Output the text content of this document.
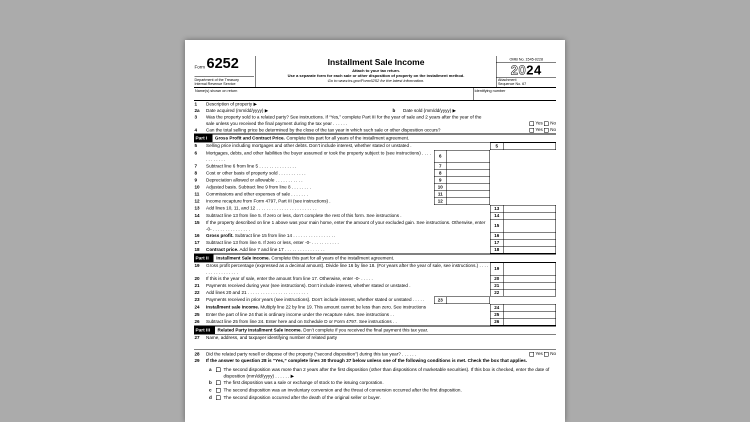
Form 6252
Department of the Treasury
Internal Revenue Service
Installment Sale Income
Attach to your tax return.
Use a separate form for each sale or other disposition of property on the installment method.
Go to www.irs.gov/Form6252 for the latest information.
OMB No. 1545-0228
2024
Attachment
Sequence No. 67
Name(s) shown on return	Identifying number
1 Description of property ▶
2a Date acquired (mm/dd/yyyy) ▶	b Date sold (mm/dd/yyyy) ▶
3 Was the property sold to a related party? See instructions. If “Yes,” complete Part III for the year of sale and 2 years after the year of the sale unless you received the final payment during the tax year . . . . . .	Yes No
4 Can the total selling price be determined by the close of the tax year in which such sale or other disposition occurs?	Yes No
Part I Gross Profit and Contract Price. Complete this part for all years of the installment agreement.
5 Selling price including mortgages and other debts. Don’t include interest, whether stated or unstated .	5
6 Mortgages, debts, and other liabilities the buyer assumed or took the property subject to (see instructions) . . . . . . . . . . . .
6
7 Subtract line 6 from line 5 . . . . . . . . . . . . . . .	7
8 Cost or other basis of property sold . . . . . . . . . . .	8
9 Depreciation allowed or allowable . . . . . . . . . . .	9
10 Adjusted basis. Subtract line 9 from line 8 . . . . . . . .	10
11 Commissions and other expenses of sale . . . . . . .	11
12 Income recapture from Form 4797, Part III (see instructions) .	12
13 Add lines 10, 11, and 12 . . . . . . . . . . . . . . . . . . . . . . . .	13
14 Subtract line 13 from line 5. If zero or less, don’t complete the rest of this form. See instructions .	14
15 If the property described on line 1 above was your main home, enter the amount of your excluded gain. See instructions. Otherwise, enter -0- . . . . . . . . . . . . . . .
15
16 Gross profit. Subtract line 15 from line 14 . . . . . . . . . . . . . . . . .	16
17 Subtract line 13 from line 6. If zero or less, enter -0- . . . . . . . . . . .	17
18 Contract price. Add line 7 and line 17 . . . . . . . . . . . . . . . .	18
Part II Installment Sale Income. Complete this part for all years of the installment agreement.
19 Gross profit percentage (expressed as a decimal amount). Divide line 16 by line 18. (For years after the year of sale, see instructions.) . . . . . . . . . . . . . . . . .
19
20 If this is the year of sale, enter the amount from line 17. Otherwise, enter -0- . . . . .	20
21 Payments received during year (see instructions). Don’t include interest, whether stated or unstated .	21
22 Add lines 20 and 21 . . . . . . . . . . . . . . . . . . . . . . . .	22
23 Payments received in prior years (see instructions). Don’t include interest, whether stated or unstated . . . . .	23
24 Installment sale income. Multiply line 22 by line 19. This amount cannot be less than zero. See instructions	24
25 Enter the part of line 24 that is ordinary income under the recapture rules. See instructions . .	25
26 Subtract line 25 from line 24. Enter here and on Schedule D or Form 4797. See instructions . .	26
Part III Related Party Installment Sale Income. Don’t complete if you received the final payment this tax year.
27 Name, address, and taxpayer identifying number of related party
28 Did the related party resell or dispose of the property (“second disposition”) during this tax year? . . . . . .	Yes No
29 If the answer to question 28 is “Yes,” complete lines 30 through 37 below unless one of the following conditions is met. Check the box that applies.
a	The second disposition was more than 2 years after the first disposition (other than dispositions of marketable securities). If this box is checked, enter the date of disposition (mm/dd/yyyy) . . . . . . ▶
b	The first disposition was a sale or exchange of stock to the issuing corporation.
c	The second disposition was an involuntary conversion and the threat of conversion occurred after the first disposition.
d	The second disposition occurred after the death of the original seller or buyer.
